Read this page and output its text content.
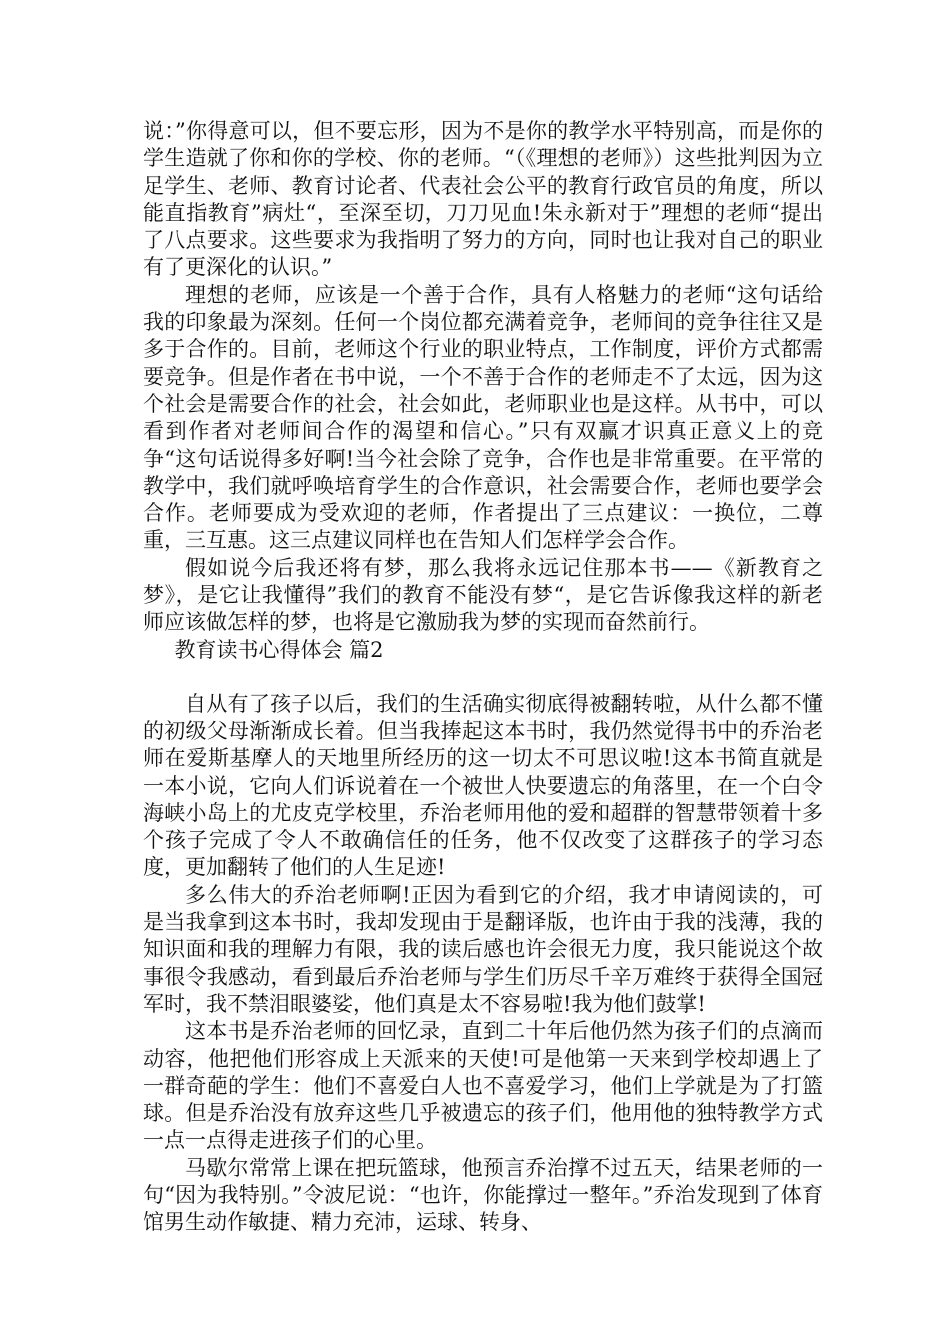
说：”你得意可以，但不要忘形，因为不是你的教学水平特别高，而是你的学生造就了你和你的学校、你的老师。“（《理想的老师》）这些批判因为立足学生、老师、教育讨论者、代表社会公平的教育行政官员的角度，所以能直指教育”病灶“，至深至切，刀刀见血!朱永新对于”理想的老师“提出了八点要求。这些要求为我指明了努力的方向，同时也让我对自己的职业有了更深化的认识。”

理想的老师，应该是一个善于合作，具有人格魅力的老师“这句话给我的印象最为深刻。任何一个岗位都充满着竞争，老师间的竞争往往又是多于合作的。目前，老师这个行业的职业特点，工作制度，评价方式都需要竞争。但是作者在书中说，一个不善于合作的老师走不了太远，因为这个社会是需要合作的社会，社会如此，老师职业也是这样。从书中，可以看到作者对老师间合作的渴望和信心。”只有双赢才识真正意义上的竞争“这句话说得多好啊!当今社会除了竞争，合作也是非常重要。在平常的教学中，我们就呼唤培育学生的合作意识，社会需要合作，老师也要学会合作。老师要成为受欢迎的老师，作者提出了三点建议：一换位，二尊重，三互惠。这三点建议同样也在告知人们怎样学会合作。

假如说今后我还将有梦，那么我将永远记住那本书——《新教育之梦》，是它让我懂得”我们的教育不能没有梦“，是它告诉像我这样的新老师应该做怎样的梦，也将是它激励我为梦的实现而奋然前行。

教育读书心得体会 篇2

自从有了孩子以后，我们的生活确实彻底得被翻转啦，从什么都不懂的初级父母渐渐成长着。但当我捧起这本书时，我仍然觉得书中的乔治老师在爱斯基摩人的天地里所经历的这一切太不可思议啦!这本书简直就是一本小说，它向人们诉说着在一个被世人快要遗忘的角落里，在一个白令海峡小岛上的尤皮克学校里，乔治老师用他的爱和超群的智慧带领着十多个孩子完成了令人不敢确信任的任务，他不仅改变了这群孩子的学习态度，更加翻转了他们的人生足迹!

多么伟大的乔治老师啊!正因为看到它的介绍，我才申请阅读的，可是当我拿到这本书时，我却发现由于是翻译版，也许由于我的浅薄，我的知识面和我的理解力有限，我的读后感也许会很无力度，我只能说这个故事很令我感动，看到最后乔治老师与学生们历尽千辛万难终于获得全国冠军时，我不禁泪眼婆娑，他们真是太不容易啦!我为他们鼓掌!

这本书是乔治老师的回忆录，直到二十年后他仍然为孩子们的点滴而动容，他把他们形容成上天派来的天使!可是他第一天来到学校却遇上了一群奇葩的学生：他们不喜爱白人也不喜爱学习，他们上学就是为了打篮球。但是乔治没有放弃这些几乎被遗忘的孩子们，他用他的独特教学方式一点一点得走进孩子们的心里。

马歇尔常常上课在把玩篮球，他预言乔治撑不过五天，结果老师的一句“因为我特别。”令波尼说：“也许，你能撑过一整年。”乔治发现到了体育馆男生动作敏捷、精力充沛，运球、转身、
